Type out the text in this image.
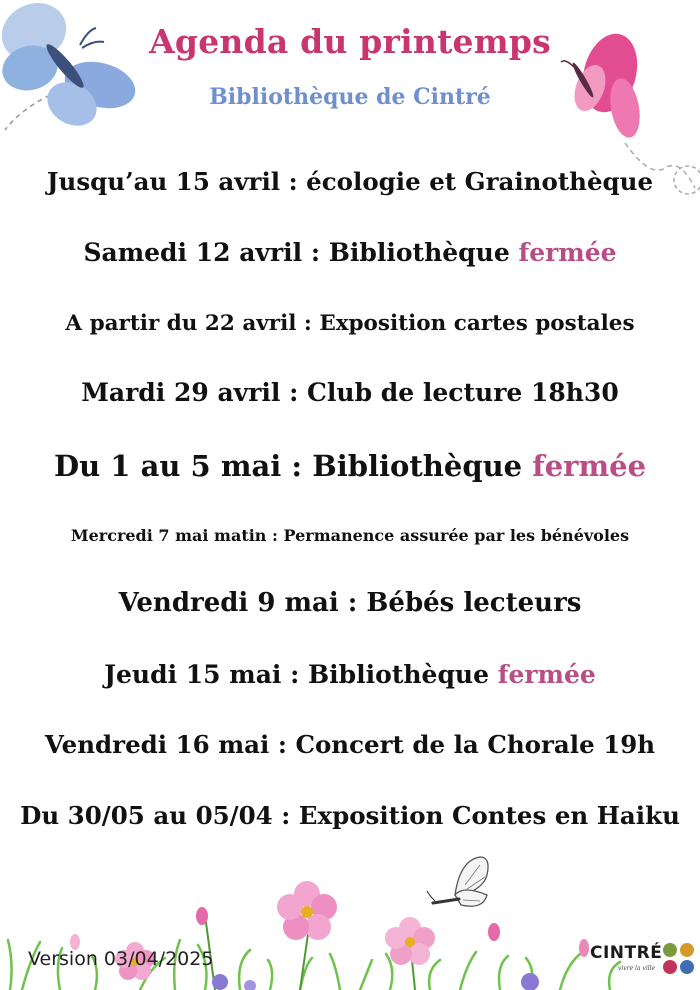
Agenda du printemps
Bibliothèque de Cintré
Jusqu’au 15 avril : écologie et Grainothèque
Samedi 12 avril : Bibliothèque fermée
A partir du 22 avril : Exposition cartes postales
Mardi 29 avril : Club de lecture 18h30
Du 1 au 5 mai : Bibliothèque fermée
Mercredi 7 mai matin : Permanence assurée par les bénévoles
Vendredi 9 mai : Bébés lecteurs
Jeudi 15 mai : Bibliothèque fermée
Vendredi 16 mai : Concert de la Chorale 19h
Du 30/05 au 05/04 : Exposition Contes en Haiku
Version 03/04/2025	CINTRÉ
vivre la ville
